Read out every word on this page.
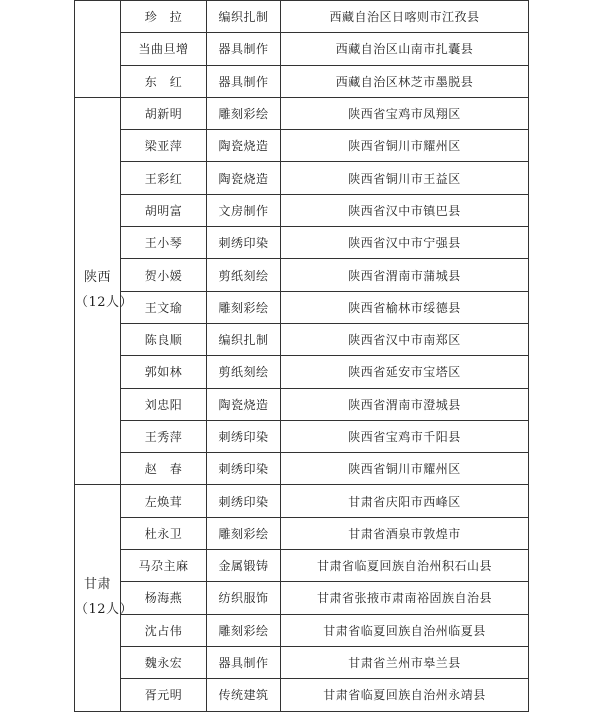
	珍　拉	编织扎制	西藏自治区日喀则市江孜县
	当曲旦增	器具制作	西藏自治区山南市扎囊县
	东　红	器具制作	西藏自治区林芝市墨脱县

陕西
（12人）	胡新明	雕刻彩绘	陕西省宝鸡市凤翔区
	梁亚萍	陶瓷烧造	陕西省铜川市耀州区
	王彩红	陶瓷烧造	陕西省铜川市王益区
	胡明富	文房制作	陕西省汉中市镇巴县
	王小琴	刺绣印染	陕西省汉中市宁强县
	贺小媛	剪纸刻绘	陕西省渭南市蒲城县
	王文瑜	雕刻彩绘	陕西省榆林市绥德县
	陈良顺	编织扎制	陕西省汉中市南郑区
	郭如林	剪纸刻绘	陕西省延安市宝塔区
	刘忠阳	陶瓷烧造	陕西省渭南市澄城县
	王秀萍	刺绣印染	陕西省宝鸡市千阳县
	赵　春	刺绣印染	陕西省铜川市耀州区

甘肃
（12人）	左焕茸	刺绣印染	甘肃省庆阳市西峰区
	杜永卫	雕刻彩绘	甘肃省酒泉市敦煌市
	马尕主麻	金属锻铸	甘肃省临夏回族自治州积石山县
	杨海燕	纺织服饰	甘肃省张掖市肃南裕固族自治县
	沈占伟	雕刻彩绘	甘肃省临夏回族自治州临夏县
	魏永宏	器具制作	甘肃省兰州市皋兰县
	胥元明	传统建筑	甘肃省临夏回族自治州永靖县
